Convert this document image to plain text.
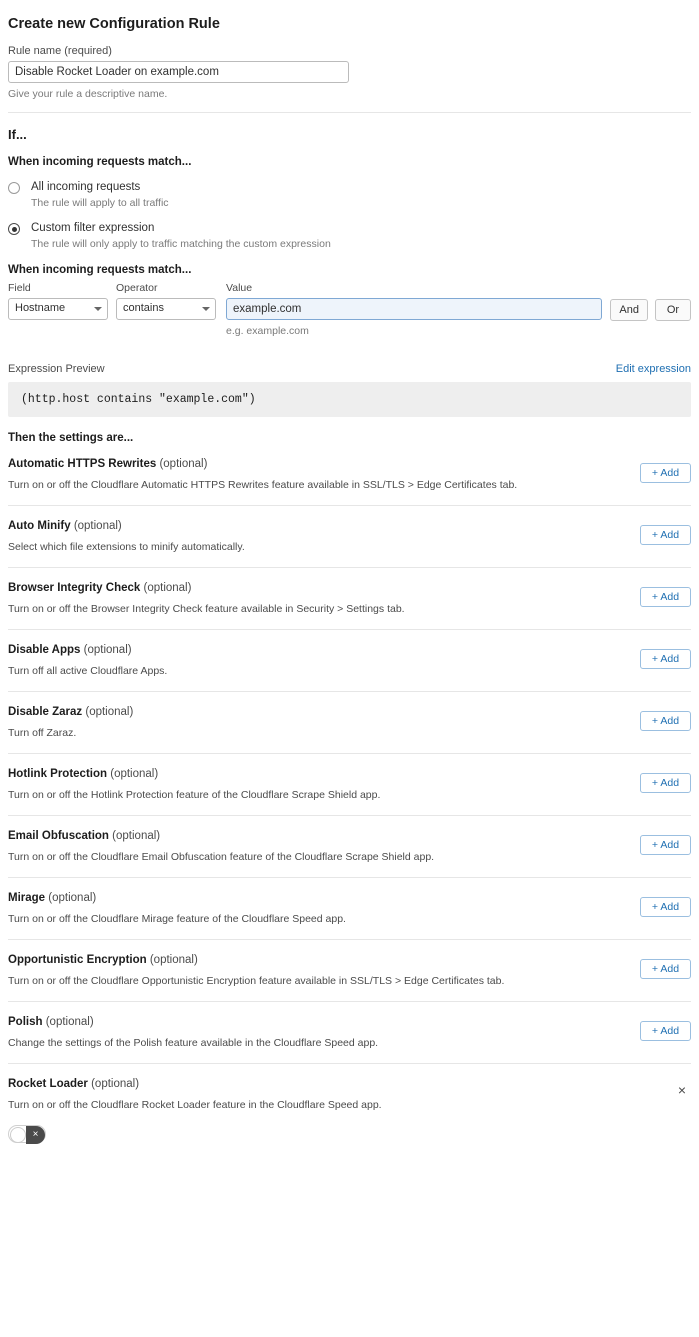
Create new Configuration Rule
Rule name (required)
Disable Rocket Loader on example.com
Give your rule a descriptive name.
If...
When incoming requests match...
All incoming requests
The rule will apply to all traffic
Custom filter expression
The rule will only apply to traffic matching the custom expression
When incoming requests match...
Field
Hostname
Operator
contains
Value
example.com
e.g. example.com
And	Or
Expression Preview	Edit expression
(http.host contains "example.com")
Then the settings are...
Automatic HTTPS Rewrites (optional)
Turn on or off the Cloudflare Automatic HTTPS Rewrites feature available in SSL/TLS > Edge Certificates tab.
+ Add
Auto Minify (optional)
Select which file extensions to minify automatically.
+ Add
Browser Integrity Check (optional)
Turn on or off the Browser Integrity Check feature available in Security > Settings tab.
+ Add
Disable Apps (optional)
Turn off all active Cloudflare Apps.
+ Add
Disable Zaraz (optional)
Turn off Zaraz.
+ Add
Hotlink Protection (optional)
Turn on or off the Hotlink Protection feature of the Cloudflare Scrape Shield app.
+ Add
Email Obfuscation (optional)
Turn on or off the Cloudflare Email Obfuscation feature of the Cloudflare Scrape Shield app.
+ Add
Mirage (optional)
Turn on or off the Cloudflare Mirage feature of the Cloudflare Speed app.
+ Add
Opportunistic Encryption (optional)
Turn on or off the Cloudflare Opportunistic Encryption feature available in SSL/TLS > Edge Certificates tab.
+ Add
Polish (optional)
Change the settings of the Polish feature available in the Cloudflare Speed app.
+ Add
Rocket Loader (optional)
Turn on or off the Cloudflare Rocket Loader feature in the Cloudflare Speed app.
×
×
